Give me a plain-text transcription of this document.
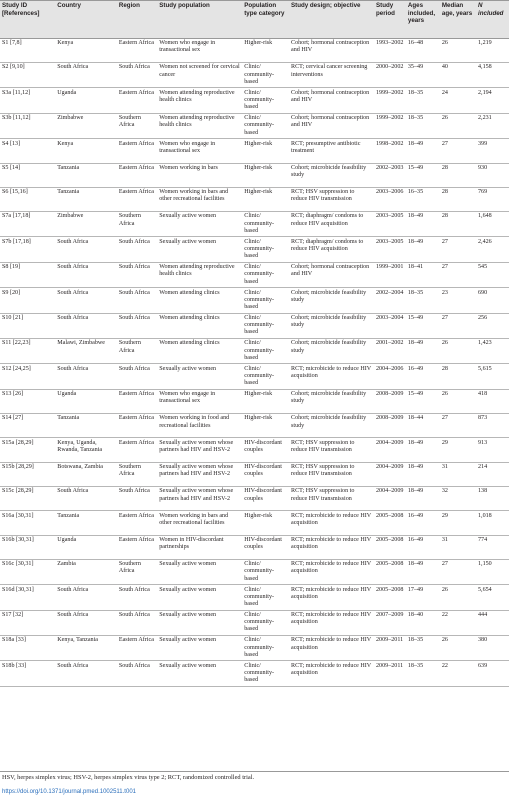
Study ID [References]	Country	Region	Study population	Population type category	Study design; objective	Study period	Ages included, years	Median age, years	N included
S1 [7,8]	Kenya	Eastern Africa	Women who engage in transactional sex	Higher-risk	Cohort; hormonal contraception and HIV	1993–2002	16–48	26	1,219
S2 [9,10]	South Africa	South Africa	Women not screened for cervical cancer	Clinic/ community-based	RCT; cervical cancer screening interventions	2000–2002	35–49	40	4,158
S3a [11,12]	Uganda	Eastern Africa	Women attending reproductive health clinics	Clinic/ community-based	Cohort; hormonal contraception and HIV	1999–2002	18–35	24	2,194
S3b [11,12]	Zimbabwe	Southern Africa	Women attending reproductive health clinics	Clinic/ community-based	Cohort; hormonal contraception and HIV	1999–2002	18–35	26	2,231
S4 [13]	Kenya	Eastern Africa	Women who engage in transactional sex	Higher-risk	RCT; presumptive antibiotic treatment	1998–2002	18–49	27	399
S5 [14]	Tanzania	Eastern Africa	Women working in bars	Higher-risk	Cohort; microbicide feasibility study	2002–2003	15–49	28	930
S6 [15,16]	Tanzania	Eastern Africa	Women working in bars and other recreational facilities	Higher-risk	RCT; HSV suppression to reduce HIV transmission	2003–2006	16–35	28	769
S7a [17,18]	Zimbabwe	Southern Africa	Sexually active women	Clinic/ community-based	RCT; diaphragm/ condoms to reduce HIV acquisition	2003–2005	18–49	28	1,648
S7b [17,18]	South Africa	South Africa	Sexually active women	Clinic/ community-based	RCT; diaphragm/ condoms to reduce HIV acquisition	2003–2005	18–49	27	2,426
S8 [19]	South Africa	South Africa	Women attending reproductive health clinics	Clinic/ community-based	Cohort; hormonal contraception and HIV	1999–2001	18–41	27	545
S9 [20]	South Africa	South Africa	Women attending clinics	Clinic/ community-based	Cohort; microbicide feasibility study	2002–2004	18–35	23	690
S10 [21]	South Africa	South Africa	Women attending clinics	Clinic/ community-based	Cohort; microbicide feasibility study	2003–2004	15–49	27	256
S11 [22,23]	Malawi, Zimbabwe	Southern Africa	Women attending clinics	Clinic/ community-based	Cohort; microbicide feasibility study	2001–2002	18–49	26	1,423
S12 [24,25]	South Africa	South Africa	Sexually active women	Clinic/ community-based	RCT; microbicide to reduce HIV acquisition	2004–2006	16–49	28	5,615
S13 [26]	Uganda	Eastern Africa	Women who engage in transactional sex	Higher-risk	Cohort; microbicide feasibility study	2008–2009	15–49	26	418
S14 [27]	Tanzania	Eastern Africa	Women working in food and recreational facilities	Higher-risk	Cohort; microbicide feasibility study	2008–2009	18–44	27	873
S15a [28,29]	Kenya, Uganda, Rwanda, Tanzania	Eastern Africa	Sexually active women whose partners had HIV and HSV-2	HIV-discordant couples	RCT; HSV suppression to reduce HIV transmission	2004–2009	18–49	29	913
S15b [28,29]	Botswana, Zambia	Southern Africa	Sexually active women whose partners had HIV and HSV-2	HIV-discordant couples	RCT; HSV suppression to reduce HIV transmission	2004–2009	18–49	31	214
S15c [28,29]	South Africa	South Africa	Sexually active women whose partners had HIV and HSV-2	HIV-discordant couples	RCT; HSV suppression to reduce HIV transmission	2004–2009	18–49	32	138
S16a [30,31]	Tanzania	Eastern Africa	Women working in bars and other recreational facilities	Higher-risk	RCT; microbicide to reduce HIV acquisition	2005–2008	16–49	29	1,018
S16b [30,31]	Uganda	Eastern Africa	Women in HIV-discordant partnerships	HIV-discordant couples	RCT; microbicide to reduce HIV acquisition	2005–2008	16–49	31	774
S16c [30,31]	Zambia	Southern Africa	Sexually active women	Clinic/ community-based	RCT; microbicide to reduce HIV acquisition	2005–2008	18–49	27	1,150
S16d [30,31]	South Africa	South Africa	Sexually active women	Clinic/ community-based	RCT; microbicide to reduce HIV acquisition	2005–2008	17–49	26	5,654
S17 [32]	South Africa	South Africa	Sexually active women	Clinic/ community-based	RCT; microbicide to reduce HIV acquisition	2007–2009	18–40	22	444
S18a [33]	Kenya, Tanzania	Eastern Africa	Sexually active women	Clinic/ community-based	RCT; microbicide to reduce HIV acquisition	2009–2011	18–35	26	380
S18b [33]	South Africa	South Africa	Sexually active women	Clinic/ community-based	RCT; microbicide to reduce HIV acquisition	2009–2011	18–35	22	639
HSV, herpes simplex virus; HSV-2, herpes simplex virus type 2; RCT, randomized controlled trial.
https://doi.org/10.1371/journal.pmed.1002511.t001
